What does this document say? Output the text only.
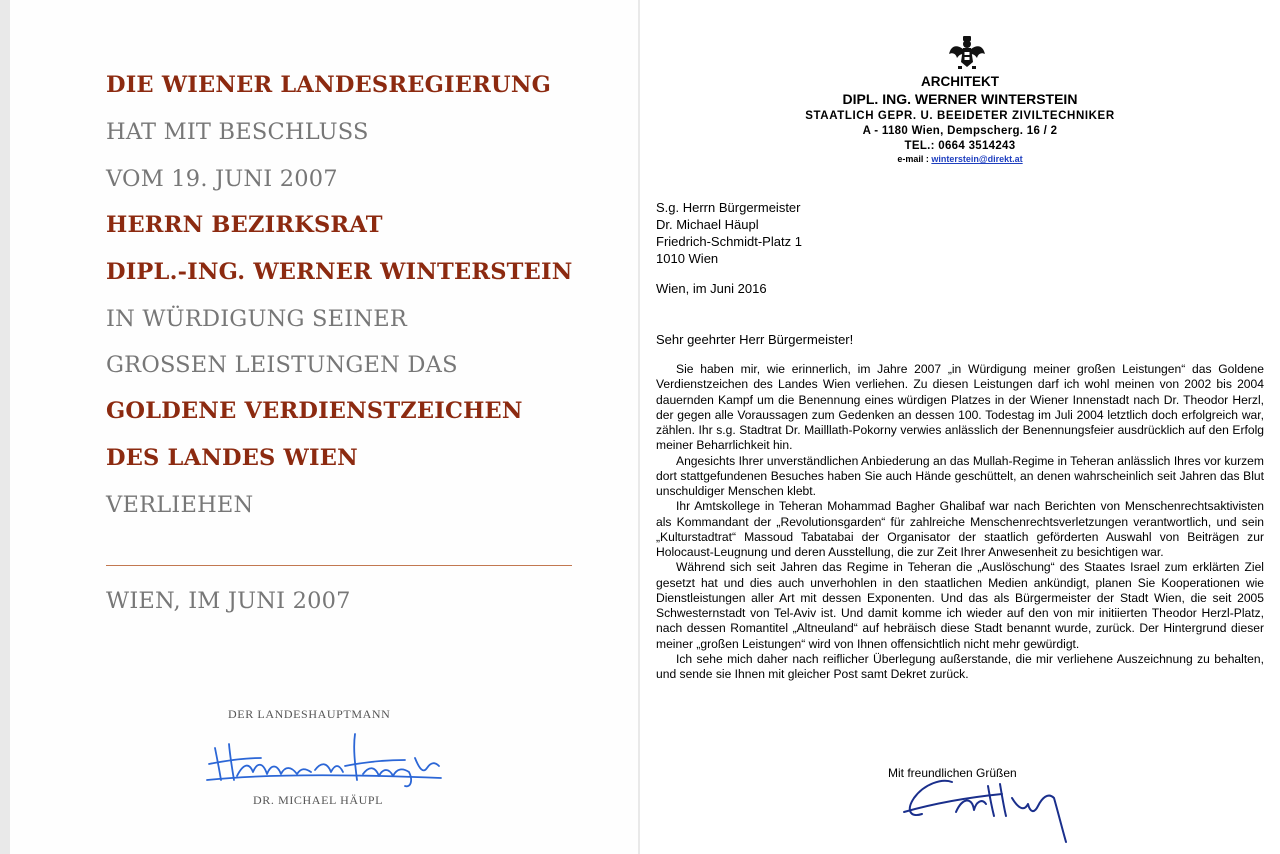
DIE WIENER LANDESREGIERUNG
HAT MIT BESCHLUSS
VOM 19. JUNI 2007
HERRN BEZIRKSRAT
DIPL.-ING. WERNER WINTERSTEIN
IN WÜRDIGUNG SEINER
GROSSEN LEISTUNGEN DAS
GOLDENE VERDIENSTZEICHEN
DES LANDES WIEN
VERLIEHEN
WIEN, IM JUNI 2007
DER LANDESHAUPTMANN
DR. MICHAEL HÄUPL
ARCHITEKT
DIPL. ING. WERNER WINTERSTEIN
STAATLICH GEPR. U. BEEIDETER ZIVILTECHNIKER
A - 1180 Wien, Dempscherg. 16 / 2
TEL.: 0664 3514243
e-mail : winterstein@direkt.at
S.g. Herrn Bürgermeister
Dr. Michael Häupl
Friedrich-Schmidt-Platz 1
1010 Wien
Wien, im Juni 2016
Sehr geehrter Herr Bürgermeister!

Sie haben mir, wie erinnerlich, im Jahre 2007 „in Würdigung meiner großen Leistungen“ das Goldene Verdienstzeichen des Landes Wien verliehen. Zu diesen Leistungen darf ich wohl meinen von 2002 bis 2004 dauernden Kampf um die Benennung eines würdigen Platzes in der Wiener Innenstadt nach Dr. Theodor Herzl, der gegen alle Voraussagen zum Gedenken an dessen 100. Todestag im Juli 2004 letztlich doch erfolgreich war, zählen. Ihr s.g. Stadtrat Dr. Mailllath-Pokorny verwies anlässlich der Benennungsfeier ausdrücklich auf den Erfolg meiner Beharrlichkeit hin.

Angesichts Ihrer unverständlichen Anbiederung an das Mullah-Regime in Teheran anlässlich Ihres vor kurzem dort stattgefundenen Besuches haben Sie auch Hände geschüttelt, an denen wahrscheinlich seit Jahren das Blut unschuldiger Menschen klebt.

Ihr Amtskollege in Teheran Mohammad Bagher Ghalibaf war nach Berichten von Menschenrechtsaktivisten als Kommandant der „Revolutionsgarden“ für zahlreiche Menschenrechtsverletzungen verantwortlich, und sein „Kulturstadtrat“ Massoud Tabatabai der Organisator der staatlich geförderten Auswahl von Beiträgen zur Holocaust-Leugnung und deren Ausstellung, die zur Zeit Ihrer Anwesenheit zu besichtigen war.

Während sich seit Jahren das Regime in Teheran die „Auslöschung“ des Staates Israel zum erklärten Ziel gesetzt hat und dies auch unverhohlen in den staatlichen Medien ankündigt, planen Sie Kooperationen wie Dienstleistungen aller Art mit dessen Exponenten. Und das als Bürgermeister der Stadt Wien, die seit 2005 Schwesternstadt von Tel-Aviv ist. Und damit komme ich wieder auf den von mir initiierten Theodor Herzl-Platz, nach dessen Romantitel „Altneuland“ auf hebräisch diese Stadt benannt wurde, zurück. Der Hintergrund dieser meiner „großen Leistungen“ wird von Ihnen offensichtlich nicht mehr gewürdigt.

Ich sehe mich daher nach reiflicher Überlegung außerstande, die mir verliehene Auszeichnung zu behalten, und sende sie Ihnen mit gleicher Post samt Dekret zurück.

Mit freundlichen Grüßen
